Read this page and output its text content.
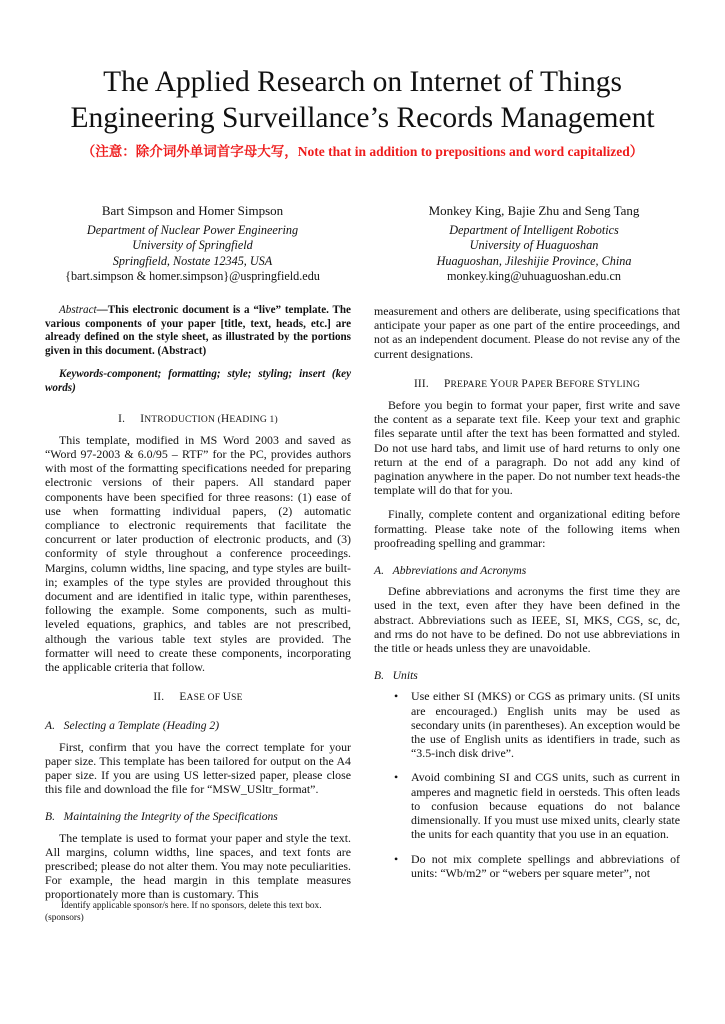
The Applied Research on Internet of Things
Engineering Surveillance’s Records Management
（注意：除介词外单词首字母大写，Note that in addition to prepositions and word capitalized）
Bart Simpson and Homer Simpson
Department of Nuclear Power Engineering
University of Springfield
Springfield, Nostate 12345, USA
{bart.simpson & homer.simpson}@uspringfield.edu
Monkey King, Bajie Zhu and Seng Tang
Department of Intelligent Robotics
University of Huaguoshan
Huaguoshan, Jileshijie Province, China
monkey.king@uhuaguoshan.edu.cn

Abstract—This electronic document is a “live” template. The various components of your paper [title, text, heads, etc.] are already defined on the style sheet, as illustrated by the portions given in this document. (Abstract)

Keywords-component; formatting; style; styling; insert (key words)

I. INTRODUCTION (HEADING 1)

This template, modified in MS Word 2003 and saved as “Word 97-2003 & 6.0/95 – RTF” for the PC, provides authors with most of the formatting specifications needed for preparing electronic versions of their papers. All standard paper components have been specified for three reasons: (1) ease of use when formatting individual papers, (2) automatic compliance to electronic requirements that facilitate the concurrent or later production of electronic products, and (3) conformity of style throughout a conference proceedings. Margins, column widths, line spacing, and type styles are built-in; examples of the type styles are provided throughout this document and are identified in italic type, within parentheses, following the example. Some components, such as multi-leveled equations, graphics, and tables are not prescribed, although the various table text styles are provided. The formatter will need to create these components, incorporating the applicable criteria that follow.

II. EASE OF USE
A.   Selecting a Template (Heading 2)

First, confirm that you have the correct template for your paper size. This template has been tailored for output on the A4 paper size. If you are using US letter-sized paper, please close this file and download the file for “MSW_USltr_format”.

B.   Maintaining the Integrity of the Specifications

The template is used to format your paper and style the text. All margins, column widths, line spaces, and text fonts are prescribed; please do not alter them. You may note peculiarities. For example, the head margin in this template measures proportionately more than is customary. This

measurement and others are deliberate, using specifications that anticipate your paper as one part of the entire proceedings, and not as an independent document. Please do not revise any of the current designations.

III. PREPARE YOUR PAPER BEFORE STYLING

Before you begin to format your paper, first write and save the content as a separate text file. Keep your text and graphic files separate until after the text has been formatted and styled. Do not use hard tabs, and limit use of hard returns to only one return at the end of a paragraph. Do not add any kind of pagination anywhere in the paper. Do not number text heads-the template will do that for you.

Finally, complete content and organizational editing before formatting. Please take note of the following items when proofreading spelling and grammar:

A.   Abbreviations and Acronyms

Define abbreviations and acronyms the first time they are used in the text, even after they have been defined in the abstract. Abbreviations such as IEEE, SI, MKS, CGS, sc, dc, and rms do not have to be defined. Do not use abbreviations in the title or heads unless they are unavoidable.

B.   Units
• Use either SI (MKS) or CGS as primary units. (SI units are encouraged.) English units may be used as secondary units (in parentheses). An exception would be the use of English units as identifiers in trade, such as “3.5-inch disk drive”.
• Avoid combining SI and CGS units, such as current in amperes and magnetic field in oersteds. This often leads to confusion because equations do not balance dimensionally. If you must use mixed units, clearly state the units for each quantity that you use in an equation.
• Do not mix complete spellings and abbreviations of units: “Wb/m2” or “webers per square meter”, not
Identify applicable sponsor/s here. If no sponsors, delete this text box.
(sponsors)
